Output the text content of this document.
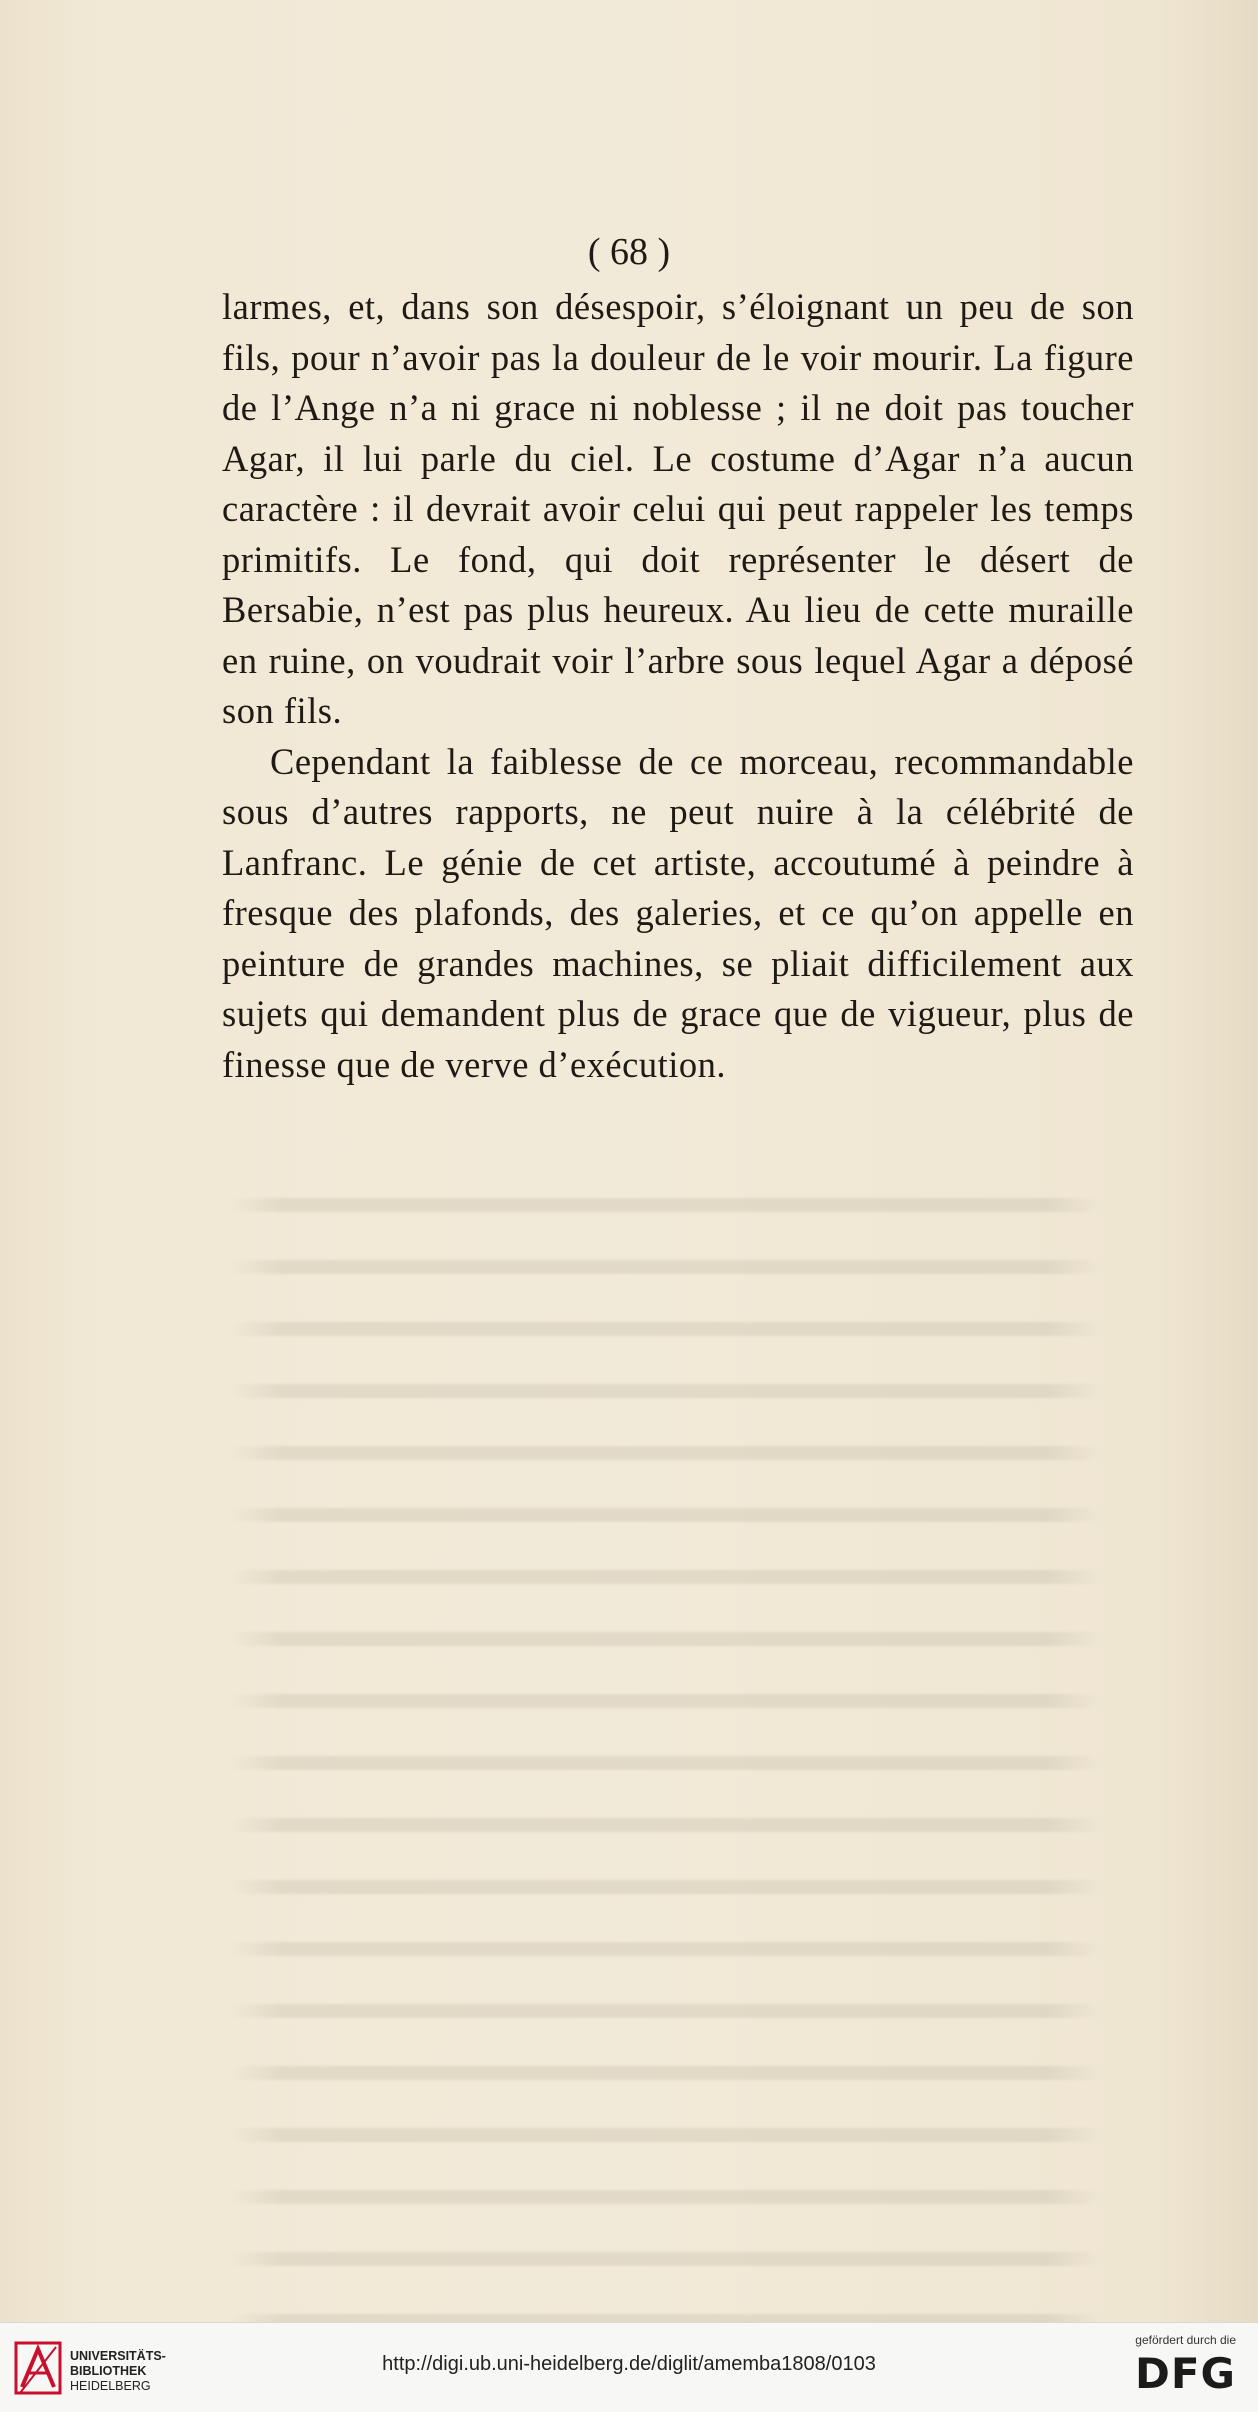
( 68 )

larmes, et, dans son désespoir, s’éloignant un peu de son fils, pour n’avoir pas la douleur de le voir mourir. La figure de l’Ange n’a ni grace ni noblesse ; il ne doit pas toucher Agar, il lui parle du ciel. Le costume d’Agar n’a aucun caractère : il devrait avoir celui qui peut rappeler les temps primitifs. Le fond, qui doit représenter le désert de Bersabie, n’est pas plus heureux. Au lieu de cette muraille en ruine, on voudrait voir l’arbre sous lequel Agar a déposé son fils.

Cependant la faiblesse de ce morceau, recommandable sous d’autres rapports, ne peut nuire à la célébrité de Lanfranc. Le génie de cet artiste, accoutumé à peindre à fresque des plafonds, des galeries, et ce qu’on appelle en peinture de grandes machines, se pliait difficilement aux sujets qui demandent plus de grace que de vigueur, plus de finesse que de verve d’exécution.

UNIVERSITÄTS-
BIBLIOTHEK
HEIDELBERG
http://digi.ub.uni-heidelberg.de/diglit/amemba1808/0103
gefördert durch die
DFG
